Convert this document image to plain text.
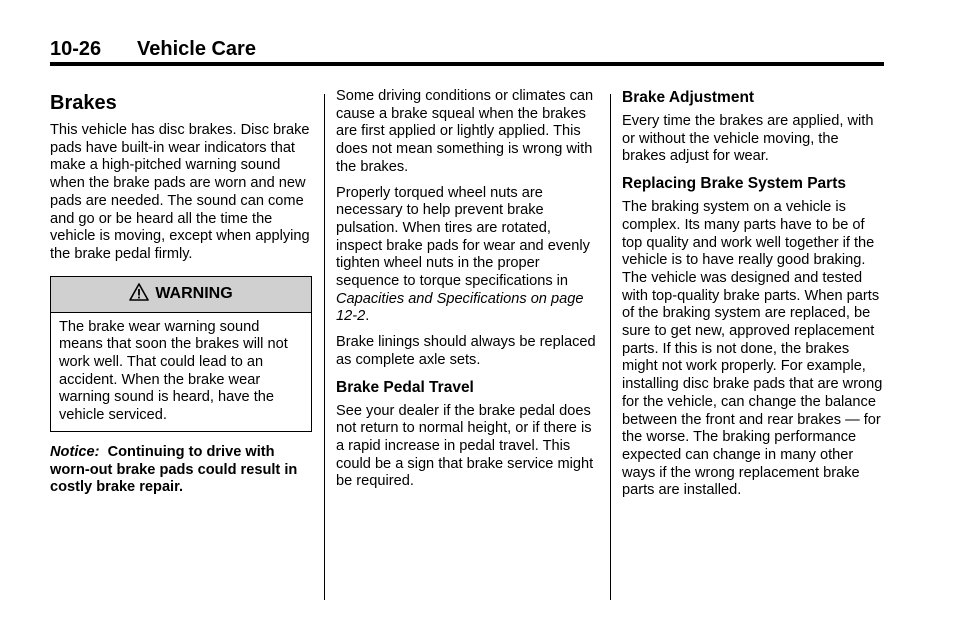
10-26 Vehicle Care
Brakes

This vehicle has disc brakes. Disc brake pads have built-in wear indicators that make a high-pitched warning sound when the brake pads are worn and new pads are needed. The sound can come and go or be heard all the time the vehicle is moving, except when applying the brake pedal firmly.

WARNING

The brake wear warning sound means that soon the brakes will not work well. That could lead to an accident. When the brake wear warning sound is heard, have the vehicle serviced.

Notice: Continuing to drive with worn-out brake pads could result in costly brake repair.

Some driving conditions or climates can cause a brake squeal when the brakes are first applied or lightly applied. This does not mean something is wrong with the brakes.

Properly torqued wheel nuts are necessary to help prevent brake pulsation. When tires are rotated, inspect brake pads for wear and evenly tighten wheel nuts in the proper sequence to torque specifications in Capacities and Specifications on page 12-2.

Brake linings should always be replaced as complete axle sets.

Brake Pedal Travel

See your dealer if the brake pedal does not return to normal height, or if there is a rapid increase in pedal travel. This could be a sign that brake service might be required.

Brake Adjustment

Every time the brakes are applied, with or without the vehicle moving, the brakes adjust for wear.

Replacing Brake System Parts

The braking system on a vehicle is complex. Its many parts have to be of top quality and work well together if the vehicle is to have really good braking. The vehicle was designed and tested with top-quality brake parts. When parts of the braking system are replaced, be sure to get new, approved replacement parts. If this is not done, the brakes might not work properly. For example, installing disc brake pads that are wrong for the vehicle, can change the balance between the front and rear brakes — for the worse. The braking performance expected can change in many other ways if the wrong replacement brake parts are installed.
